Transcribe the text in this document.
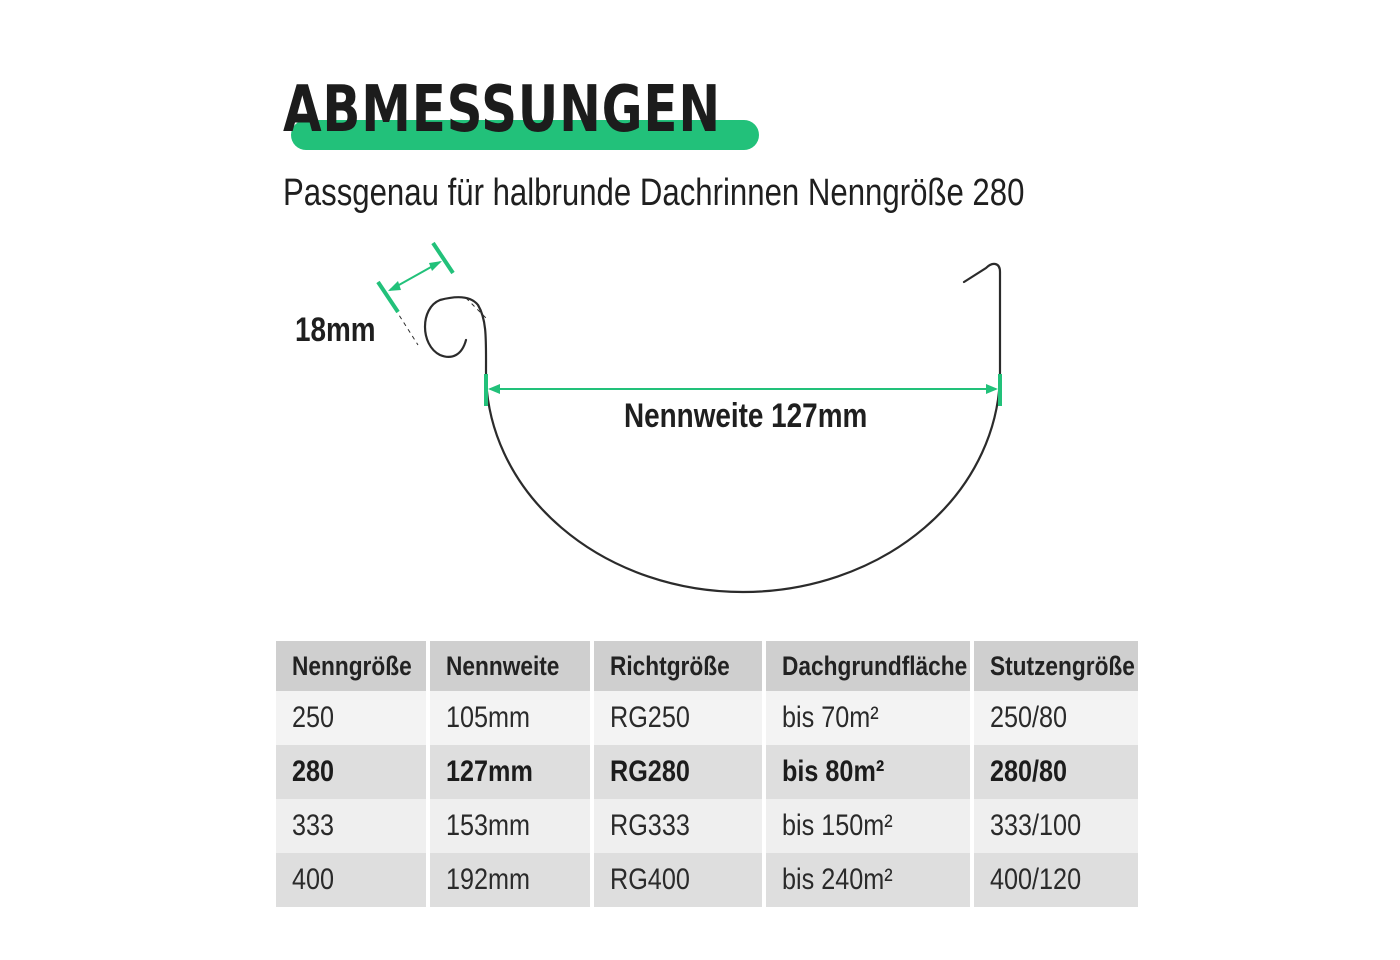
ABMESSUNGEN
Passgenau für halbrunde Dachrinnen Nenngröße 280
18mm
Nennweite 127mm
Nenngröße	Nennweite	Richtgröße	Dachgrundfläche	Stutzengröße
250	105mm	RG250	bis 70m²	250/80
280	127mm	RG280	bis 80m²	280/80
333	153mm	RG333	bis 150m²	333/100
400	192mm	RG400	bis 240m²	400/120
